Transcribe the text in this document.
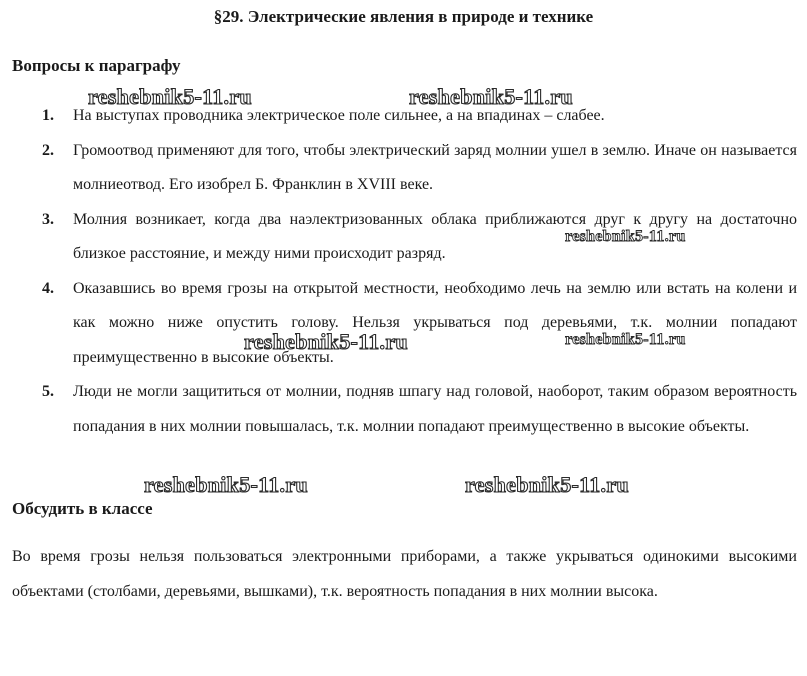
§29. Электрические явления в природе и технике
Вопросы к параграфу
1. На выступах проводника электрическое поле сильнее, а на впадинах – слабее.
2. Громоотвод применяют для того, чтобы электрический заряд молнии ушел в землю. Иначе он называется молниеотвод. Его изобрел Б. Франклин в XVIII веке.
3. Молния возникает, когда два наэлектризованных облака приближаются друг к другу на достаточно близкое расстояние, и между ними происходит разряд.
4. Оказавшись во время грозы на открытой местности, необходимо лечь на землю или встать на колени и как можно ниже опустить голову. Нельзя укрываться под деревьями, т.к. молнии попадают преимущественно в высокие объекты.
5. Люди не могли защититься от молнии, подняв шпагу над головой, наоборот, таким образом вероятность попадания в них молнии повышалась, т.к. молнии попадают преимущественно в высокие объекты.
Обсудить в классе
Во время грозы нельзя пользоваться электронными приборами, а также укрываться одинокими высокими объектами (столбами, деревьями, вышками), т.к. вероятность попадания в них молнии высока.
reshebnik5-11.ru	reshebnik5-11.ru
reshebnik5-11.ru
reshebnik5-11.ru	reshebnik5-11.ru
reshebnik5-11.ru	reshebnik5-11.ru
